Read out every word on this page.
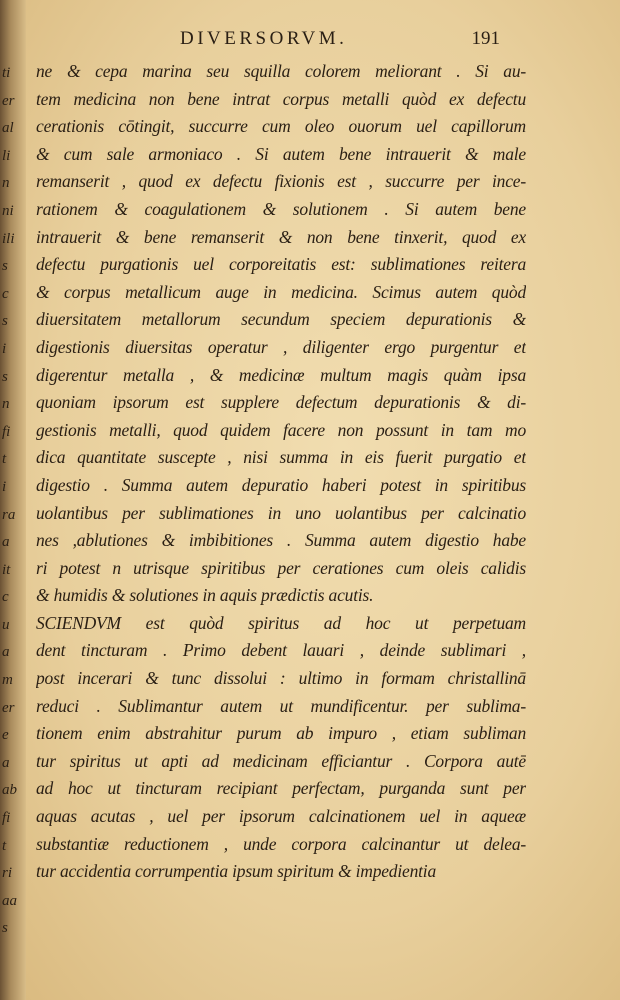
ti
er
al
li
n
ni
ili
s
c
s
i
s
n
fi
t
i
ra
a
it
c
u
a
m
er
e
a
ab
fi
t
ri
aa
s
DIVERSORVM.	191
ne & cepa marina seu squilla colorem meliorant . Si au-
tem medicina non bene intrat corpus metalli quòd ex defectu
cerationis cōtingit, succurre cum oleo ouorum uel capillorum
& cum sale armoniaco . Si autem bene intrauerit & male
remanserit , quod ex defectu fixionis est , succurre per ince-
rationem & coagulationem & solutionem . Si autem bene
intrauerit & bene remanserit & non bene tinxerit, quod ex
defectu purgationis uel corporeitatis est: sublimationes reitera
& corpus metallicum auge in medicina. Scimus autem quòd
diuersitatem metallorum secundum speciem depurationis &
digestionis diuersitas operatur , diligenter ergo purgentur et
digerentur metalla , & medicinæ multum magis quàm ipsa
quoniam ipsorum est supplere defectum depurationis & di-
gestionis metalli, quod quidem facere non possunt in tam mo
dica quantitate suscepte , nisi summa in eis fuerit purgatio et
digestio . Summa autem depuratio haberi potest in spiritibus
uolantibus per sublimationes in uno uolantibus per calcinatio
nes ,ablutiones & imbibitiones . Summa autem digestio habe
ri potest n utrisque spiritibus per cerationes cum oleis calidis
& humidis & solutiones in aquis prædictis acutis.
SCIENDVM est quòd spiritus ad hoc ut perpetuam
dent tincturam . Primo debent lauari , deinde sublimari ,
post incerari & tunc dissolui : ultimo in formam christallinā
reduci . Sublimantur autem ut mundificentur. per sublima-
tionem enim abstrahitur purum ab impuro , etiam subliman
tur spiritus ut apti ad medicinam efficiantur . Corpora autē
ad hoc ut tincturam recipiant perfectam, purganda sunt per
aquas acutas , uel per ipsorum calcinationem uel in aqueæ
substantiæ reductionem , unde corpora calcinantur ut delea-
tur accidentia corrumpentia ipsum spiritum & impedientia
